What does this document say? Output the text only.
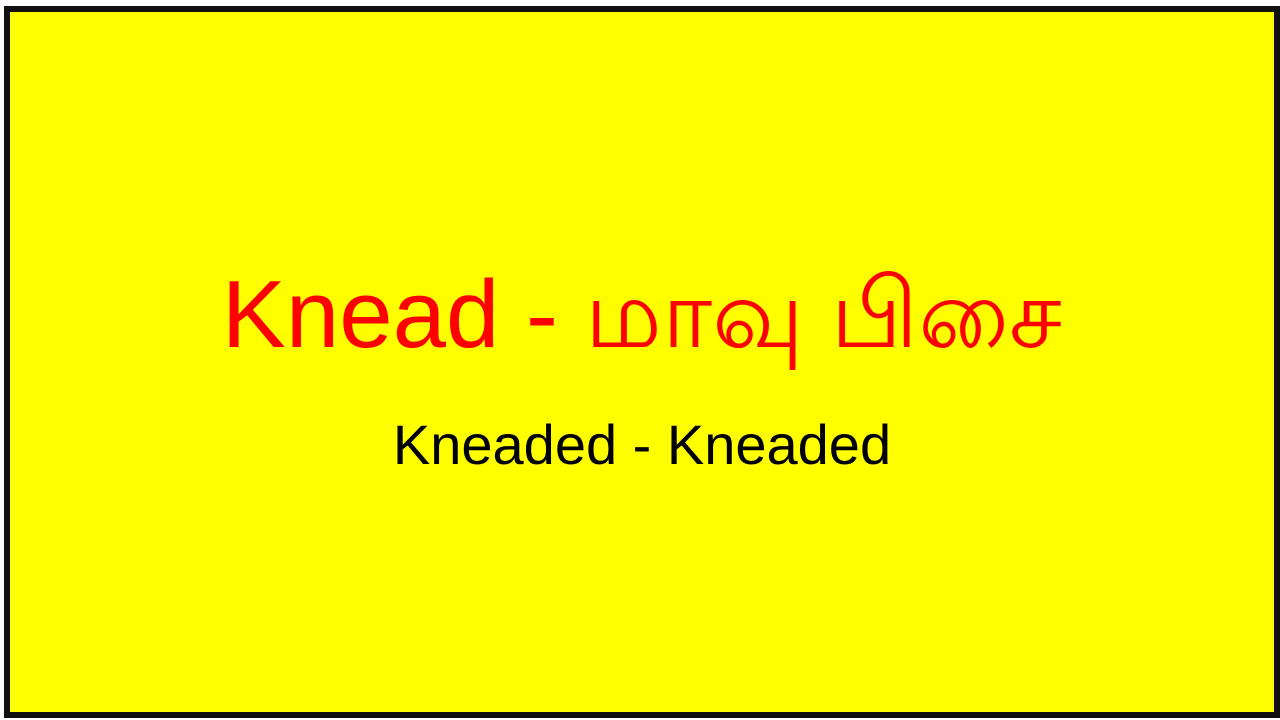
Knead - மாவு பிசை
Kneaded - Kneaded
